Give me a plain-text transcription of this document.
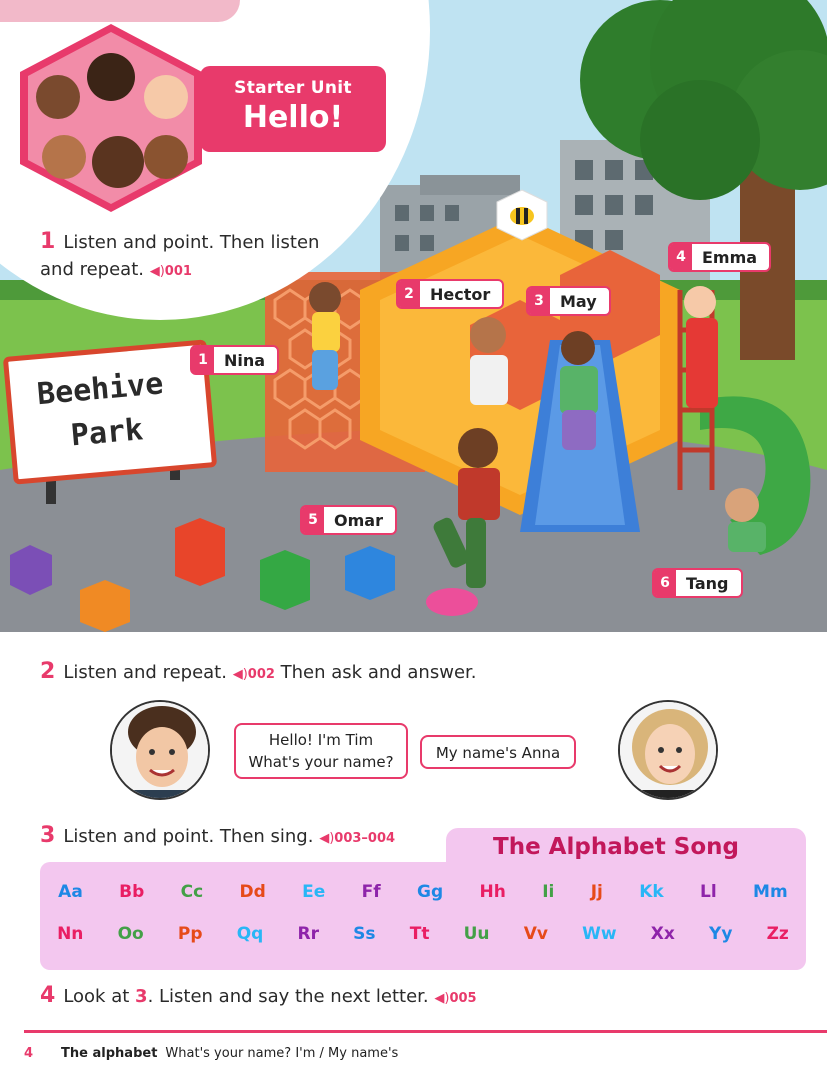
Starter Unit
Hello!
1 Listen and point. Then listen and repeat. ◀)001
Beehive
Park
1	Nina
2	Hector	3	May
4	Emma
5	Omar
6	Tang
2 Listen and repeat. ◀)002 Then ask and answer.
Hello! I'm Tim
What's your name?	My name's Anna
3 Listen and point. Then sing. ◀)003–004	The Alphabet Song
Aa Bb Cc Dd Ee Ff Gg Hh Ii Jj Kk Ll Mm
Nn Oo Pp Qq Rr Ss Tt Uu Vv Ww Xx Yy Zz
4 Look at 3. Listen and say the next letter. ◀)005
4 The alphabet What's your name? I'm / My name's
